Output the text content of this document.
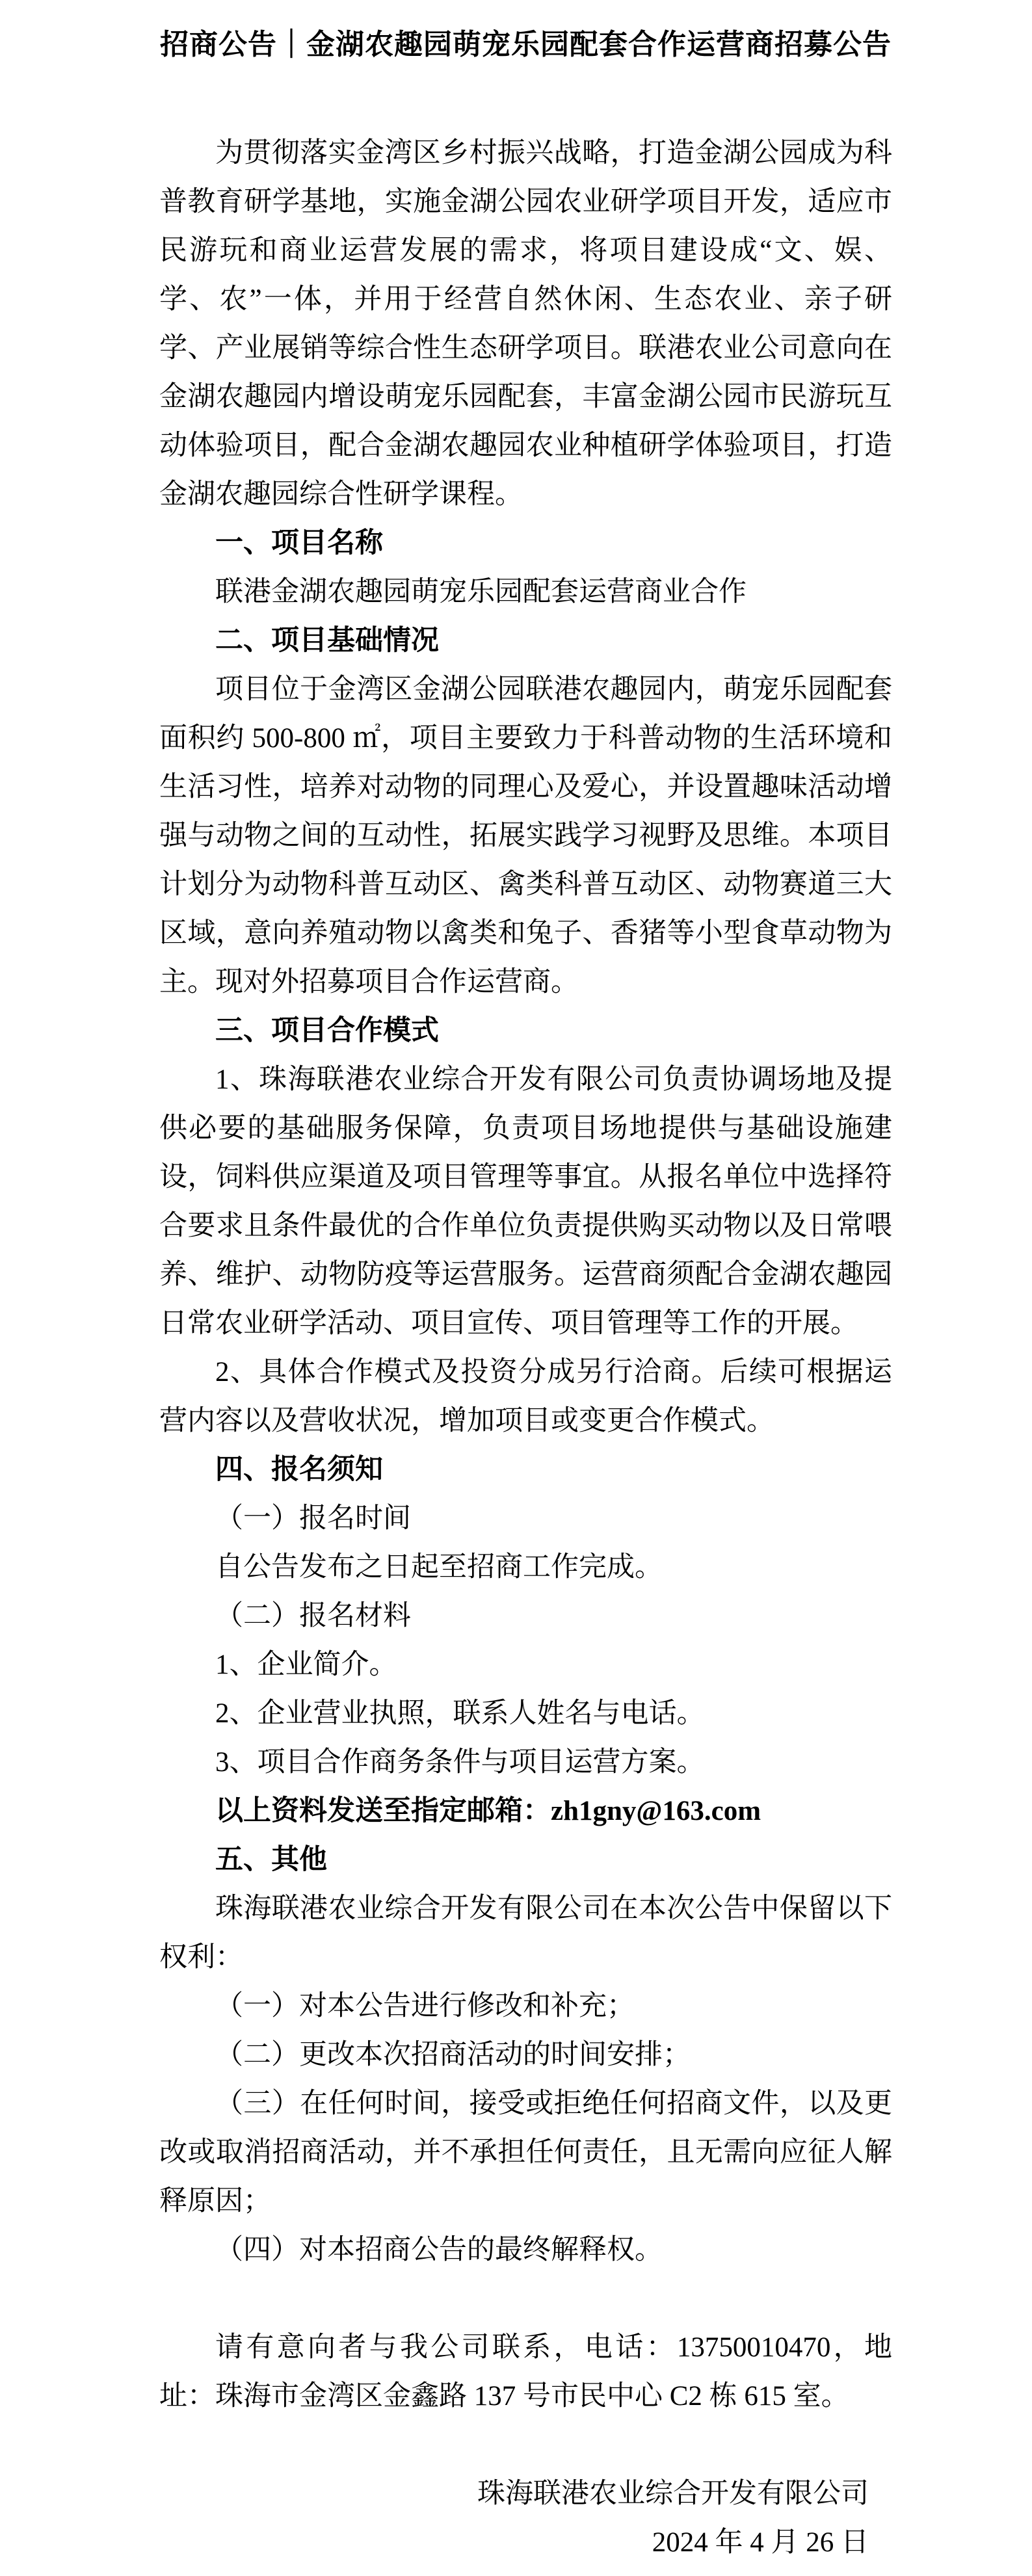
招商公告｜金湖农趣园萌宠乐园配套合作运营商招募公告

为贯彻落实金湾区乡村振兴战略，打造金湖公园成为科普教育研学基地，实施金湖公园农业研学项目开发，适应市民游玩和商业运营发展的需求，将项目建设成“文、娱、学、农”一体，并用于经营自然休闲、生态农业、亲子研学、产业展销等综合性生态研学项目。联港农业公司意向在金湖农趣园内增设萌宠乐园配套，丰富金湖公园市民游玩互动体验项目，配合金湖农趣园农业种植研学体验项目，打造金湖农趣园综合性研学课程。

一、项目名称

联港金湖农趣园萌宠乐园配套运营商业合作

二、项目基础情况

项目位于金湾区金湖公园联港农趣园内，萌宠乐园配套面积约 500-800 ㎡，项目主要致力于科普动物的生活环境和生活习性，培养对动物的同理心及爱心，并设置趣味活动增强与动物之间的互动性，拓展实践学习视野及思维。本项目计划分为动物科普互动区、禽类科普互动区、动物赛道三大区域，意向养殖动物以禽类和兔子、香猪等小型食草动物为主。现对外招募项目合作运营商。

三、项目合作模式

1、珠海联港农业综合开发有限公司负责协调场地及提供必要的基础服务保障，负责项目场地提供与基础设施建设，饲料供应渠道及项目管理等事宜。从报名单位中选择符合要求且条件最优的合作单位负责提供购买动物以及日常喂养、维护、动物防疫等运营服务。运营商须配合金湖农趣园日常农业研学活动、项目宣传、项目管理等工作的开展。

2、具体合作模式及投资分成另行洽商。后续可根据运营内容以及营收状况，增加项目或变更合作模式。

四、报名须知

（一）报名时间

自公告发布之日起至招商工作完成。

（二）报名材料

1、企业简介。

2、企业营业执照，联系人姓名与电话。

3、项目合作商务条件与项目运营方案。

以上资料发送至指定邮箱：zh1gny@163.com

五、其他

珠海联港农业综合开发有限公司在本次公告中保留以下权利：

（一）对本公告进行修改和补充；

（二）更改本次招商活动的时间安排；

（三）在任何时间，接受或拒绝任何招商文件，以及更改或取消招商活动，并不承担任何责任，且无需向应征人解释原因；

（四）对本招商公告的最终解释权。

请有意向者与我公司联系，电话：13750010470，地址：珠海市金湾区金鑫路 137 号市民中心 C2 栋 615 室。

珠海联港农业综合开发有限公司

2024 年 4 月 26 日
